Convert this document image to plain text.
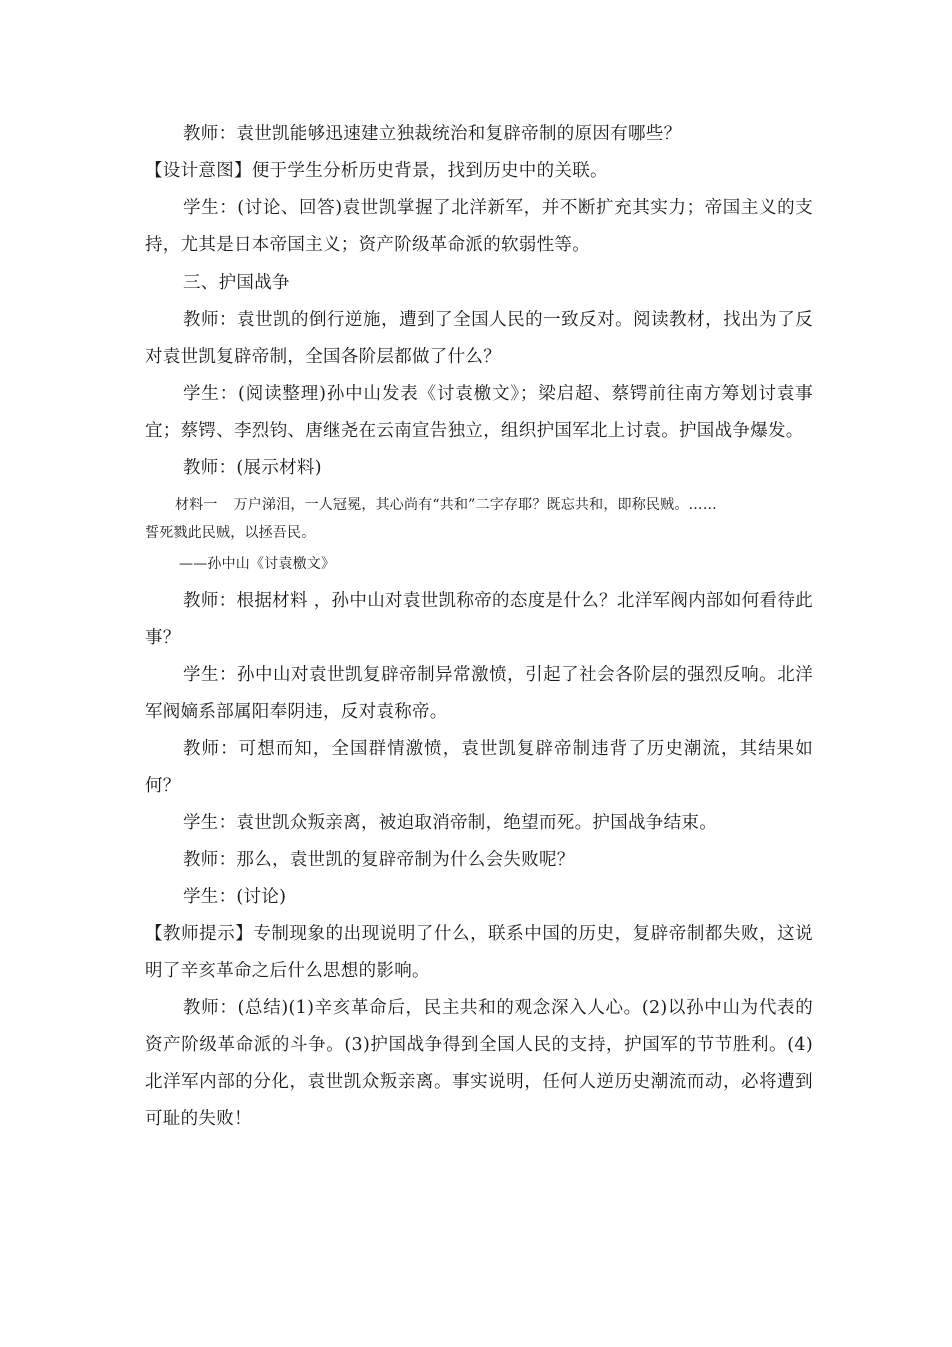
教师：袁世凯能够迅速建立独裁统治和复辟帝制的原因有哪些？

【设计意图】便于学生分析历史背景，找到历史中的关联。

学生：(讨论、回答)袁世凯掌握了北洋新军，并不断扩充其实力；帝国主义的支持，尤其是日本帝国主义；资产阶级革命派的软弱性等。

三、护国战争

教师：袁世凯的倒行逆施，遭到了全国人民的一致反对。阅读教材，找出为了反对袁世凯复辟帝制，全国各阶层都做了什么？

学生：(阅读整理)孙中山发表《讨袁檄文》；梁启超、蔡锷前往南方筹划讨袁事宜；蔡锷、李烈钧、唐继尧在云南宣告独立，组织护国军北上讨袁。护国战争爆发。

教师：(展示材料)

材料一 万户涕泪，一人冠冕，其心尚有“共和”二字存耶？既忘共和，即称民贼。……
誓死戮此民贼，以拯吾民。

——孙中山《讨袁檄文》

教师：根据材料 ，孙中山对袁世凯称帝的态度是什么？北洋军阀内部如何看待此事？

学生：孙中山对袁世凯复辟帝制异常激愤，引起了社会各阶层的强烈反响。北洋军阀嫡系部属阳奉阴违，反对袁称帝。

教师：可想而知，全国群情激愤，袁世凯复辟帝制违背了历史潮流，其结果如何？

学生：袁世凯众叛亲离，被迫取消帝制，绝望而死。护国战争结束。

教师：那么，袁世凯的复辟帝制为什么会失败呢？

学生：(讨论)

【教师提示】专制现象的出现说明了什么，联系中国的历史，复辟帝制都失败，这说明了辛亥革命之后什么思想的影响。

教师：(总结)(1)辛亥革命后，民主共和的观念深入人心。(2)以孙中山为代表的资产阶级革命派的斗争。(3)护国战争得到全国人民的支持，护国军的节节胜利。(4)北洋军内部的分化，袁世凯众叛亲离。事实说明，任何人逆历史潮流而动，必将遭到可耻的失败！
